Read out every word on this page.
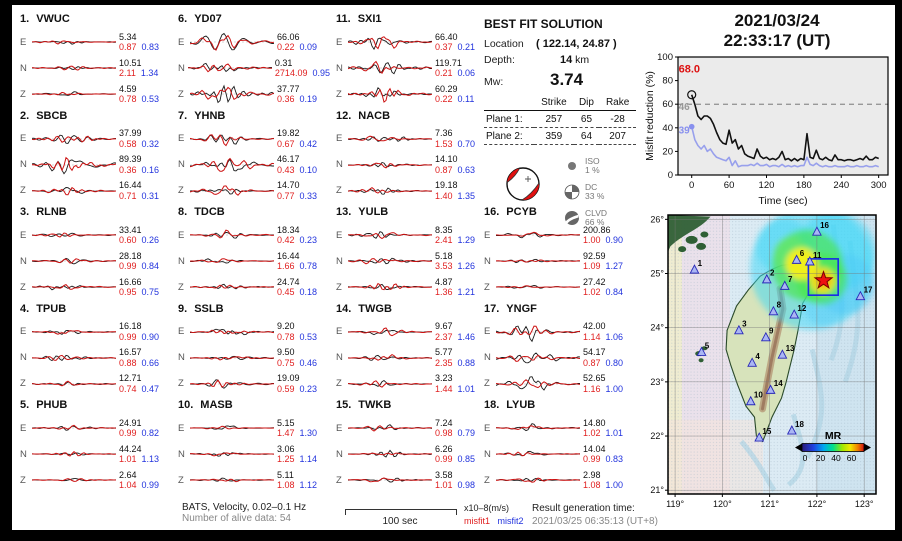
1. VWUC
E	5.34
0.87 0.83
N	10.51
2.11 1.34
Z	4.59
0.78 0.53
2. SBCB
E	37.99
0.58 0.32
N	89.39
0.36 0.16
Z	16.44
0.71 0.31
3. RLNB
E	33.41
0.60 0.26
N	28.18
0.99 0.84
Z	16.66
0.95 0.75
4. TPUB
E	16.18
0.99 0.90
N	16.57
0.88 0.66
Z	12.71
0.74 0.47
5. PHUB
E	24.91
0.99 0.82
N	44.24
1.01 1.13
Z	2.64
1.04 0.99
6. YD07
E	66.06
0.22 0.09
N	0.31
2714.09 0.95
Z	37.77
0.36 0.19
7. YHNB
E	19.82
0.67 0.42
N	46.17
0.43 0.10
Z	14.70
0.77 0.33
8. TDCB
E	18.34
0.42 0.23
N	16.44
1.66 0.78
Z	24.74
0.45 0.18
9. SSLB
E	9.20
0.78 0.53
N	9.50
0.75 0.46
Z	19.09
0.59 0.23
10. MASB
E	5.15
1.47 1.30
N	3.06
1.25 1.14
Z	5.11
1.08 1.12
11. SXI1
E	66.40
0.37 0.21
N	119.71
0.21 0.06
Z	60.29
0.22 0.11
12. NACB
E	7.36
1.53 0.70
N	14.10
0.87 0.63
Z	19.18
1.40 1.35
13. YULB
E	8.35
2.41 1.29
N	5.18
3.53 1.26
Z	4.87
1.36 1.21
14. TWGB
E	9.67
2.37 1.46
N	5.77
2.35 0.88
Z	3.23
1.44 1.01
15. TWKB
E	7.24
0.98 0.79
N	6.26
0.99 0.85
Z	3.58
1.01 0.98
16. PCYB
E	200.86
1.00 0.90
N	92.59
1.09 1.27
Z	27.42
1.02 0.84
17. YNGF
E	42.00
1.14 1.06
N	54.17
0.87 0.80
Z	52.65
1.16 1.00
18. LYUB
E	14.80
1.02 1.01
N	14.04
0.99 0.83
Z	2.98
1.08 1.00
BEST FIT SOLUTION
Location	( 122.14, 24.87 )
Depth:	14 km
Mw:	3.74
	Strike	Dip	Rake
Plane 1:	257	65	-28
Plane 2:	359	64	207
ISO
1 %
DC
33 %
CLVD
66 %
2021/03/24
22:33:17 (UT)
0
20
40
60
80
100
0	60	120 180 240 300
68.0
46
39
Misfit reduction (%)
Time (sec)
1
2
3
4
5
6
7
8
9
10
11
12
13
14
15
16
17
18
MR
0 20 40 60
26°
25°
24°
23°
22°
21°
119°	120°	121°	122°	123°
BATS, Velocity, 0.02–0.1 Hz
Number of alive data: 54	100 sec
x10–8(m/s)
misfit1 misfit2
Result generation time:
2021/03/25 06:35:13 (UT+8)
